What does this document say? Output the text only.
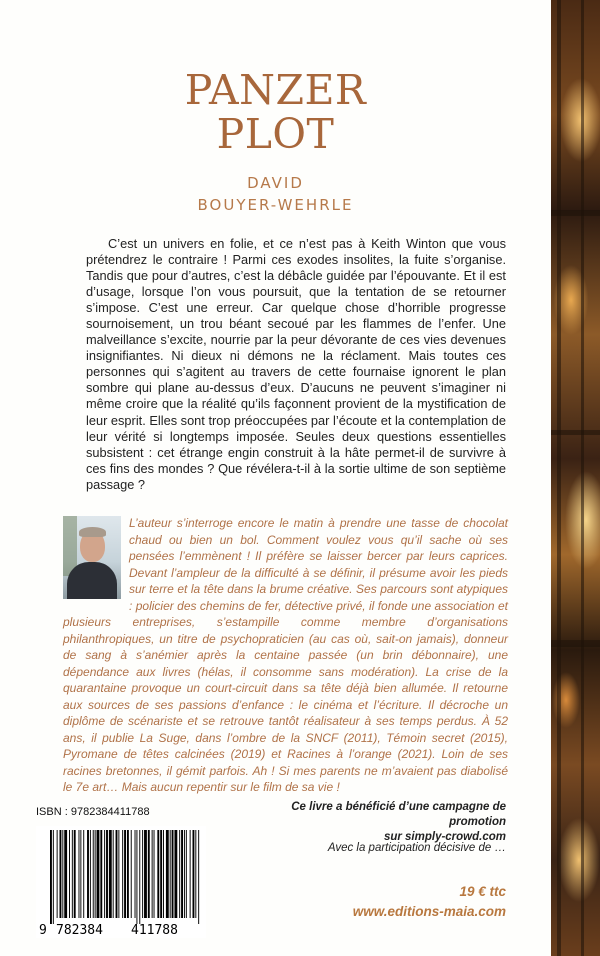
PANZER
PLOT
DAVID
BOUYER-WEHRLE

C’est un univers en folie, et ce n’est pas à Keith Winton que vous prétendrez le contraire ! Parmi ces exodes insolites, la fuite s’organise. Tandis que pour d’autres, c’est la débâcle guidée par l’épouvante. Et il est d’usage, lorsque l’on vous poursuit, que la tentation de se retourner s’impose. C’est une erreur. Car quelque chose d’horrible progresse sournoisement, un trou béant secoué par les flammes de l’enfer. Une malveillance s’excite, nourrie par la peur dévorante de ces vies devenues insignifiantes. Ni dieux ni démons ne la réclament. Mais toutes ces personnes qui s’agitent au travers de cette fournaise ignorent le plan sombre qui plane au-dessus d’eux. D’aucuns ne peuvent s’imaginer ni même croire que la réalité qu’ils façonnent provient de la mystification de leur esprit. Elles sont trop préoccupées par l’écoute et la contemplation de leur vérité si longtemps imposée. Seules deux questions essentielles subsistent : cet étrange engin construit à la hâte permet-il de survivre à ces fins des mondes ? Que révélera-t-il à la sortie ultime de son septième passage ?

L’auteur s’interroge encore le matin à prendre une tasse de chocolat chaud ou bien un bol. Comment voulez vous qu’il sache où ses pensées l’emmènent ! Il préfère se laisser bercer par leurs caprices. Devant l’ampleur de la difficulté à se définir, il présume avoir les pieds sur terre et la tête dans la brume créative. Ses parcours sont atypiques : policier des chemins de fer, détective privé, il fonde une association et plusieurs entreprises, s’estampille comme membre d’organisations philanthropiques, un titre de psychopraticien (au cas où, sait-on jamais), donneur de sang à s’anémier après la centaine passée (un brin débonnaire), une dépendance aux livres (hélas, il consomme sans modération). La crise de la quarantaine provoque un court-circuit dans sa tête déjà bien allumée. Il retourne aux sources de ses passions d’enfance : le cinéma et l’écriture. Il décroche un diplôme de scénariste et se retrouve tantôt réalisateur à ses temps perdus. À 52 ans, il publie La Suge, dans l’ombre de la SNCF (2011), Témoin secret (2015), Pyromane de têtes calcinées (2019) et Racines à l’orange (2021). Loin de ses racines bretonnes, il gémit parfois. Ah ! Si mes parents ne m’avaient pas diabolisé le 7e art… Mais aucun repentir sur le film de sa vie !
ISBN : 9782384411788
9 782384 411788
Ce livre a bénéficié d’une campagne de promotion
sur simply-crowd.com
Avec la participation décisive de …
19 € ttc
www.editions-maia.com
